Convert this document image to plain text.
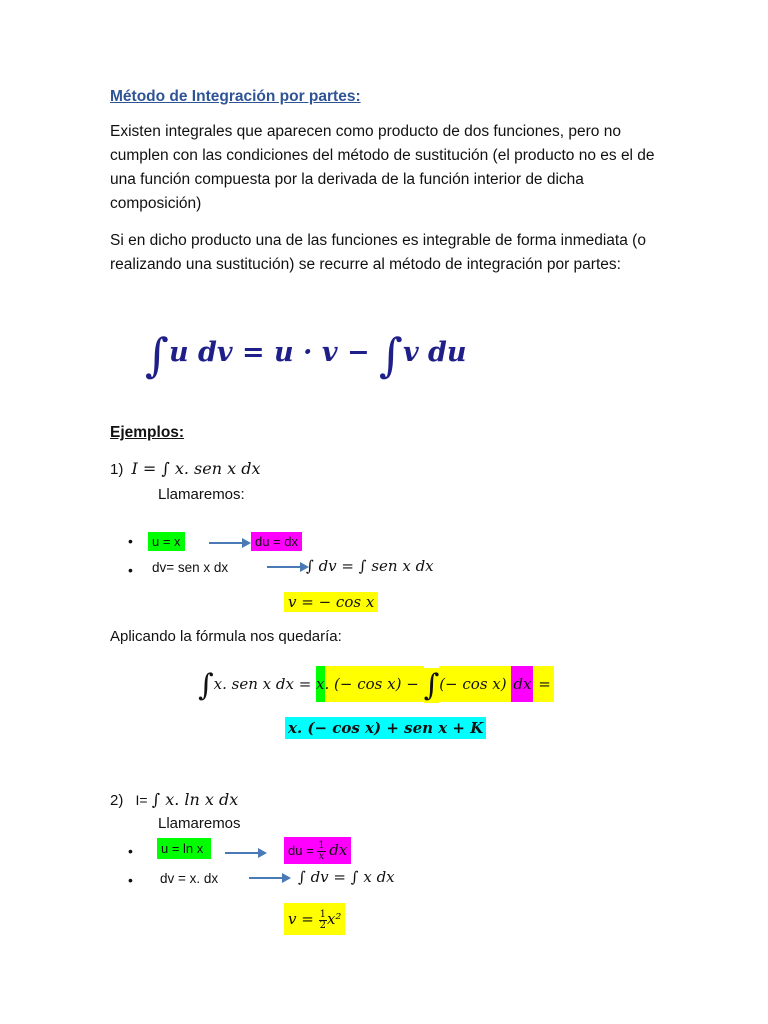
Método de Integración por partes:
Existen integrales que aparecen como producto de dos funciones, pero no cumplen con las condiciones del método de sustitución (el producto no es el de una función compuesta por la derivada de la función interior de dicha composición)
Si en dicho producto una de las funciones es integrable de forma inmediata (o realizando una sustitución) se recurre al método de integración por partes:
∫u dv = u · v − ∫v du
Ejemplos:
1) I = ∫ x. sen x dx
Llamaremos:
•	u = x	du = dx
• dv= sen x dx	∫ dv = ∫ sen x dx
v = − cos x
Aplicando la fórmula nos quedaría:
∫x. sen x dx = x. (− cos x) − ∫(− cos x) dx =
x. (− cos x) + sen x + K
2) I= ∫ x. ln x dx
Llamaremos
•	u = ln x	du = $\frac{1}{x}$ dx
• dv = x. dx	∫ dv = ∫ x dx
$v = \frac{1}{2} x^2$
